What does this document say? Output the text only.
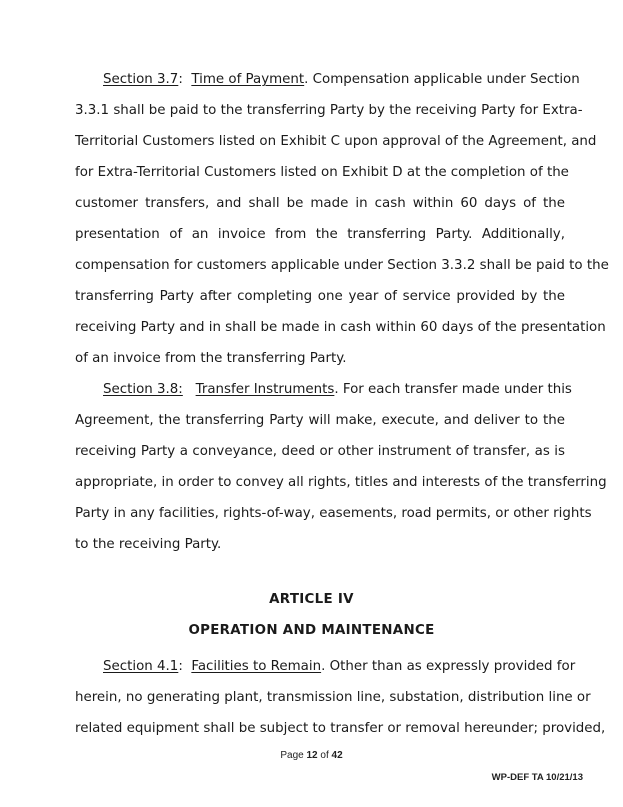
Section 3.7: Time of Payment. Compensation applicable under Section
3.3.1 shall be paid to the transferring Party by the receiving Party for Extra-
Territorial Customers listed on Exhibit C upon approval of the Agreement, and
for Extra-Territorial Customers listed on Exhibit D at the completion of the
customer transfers, and shall be made in cash within 60 days of the
presentation of an invoice from the transferring Party. Additionally,
compensation for customers applicable under Section 3.3.2 shall be paid to the
transferring Party after completing one year of service provided by the
receiving Party and in shall be made in cash within 60 days of the presentation
of an invoice from the transferring Party.
Section 3.8: Transfer Instruments. For each transfer made under this
Agreement, the transferring Party will make, execute, and deliver to the
receiving Party a conveyance, deed or other instrument of transfer, as is
appropriate, in order to convey all rights, titles and interests of the transferring
Party in any facilities, rights-of-way, easements, road permits, or other rights
to the receiving Party.
ARTICLE IV
OPERATION AND MAINTENANCE
Section 4.1: Facilities to Remain. Other than as expressly provided for
herein, no generating plant, transmission line, substation, distribution line or
related equipment shall be subject to transfer or removal hereunder; provided,
Page 12 of 42
WP-DEF TA 10/21/13
